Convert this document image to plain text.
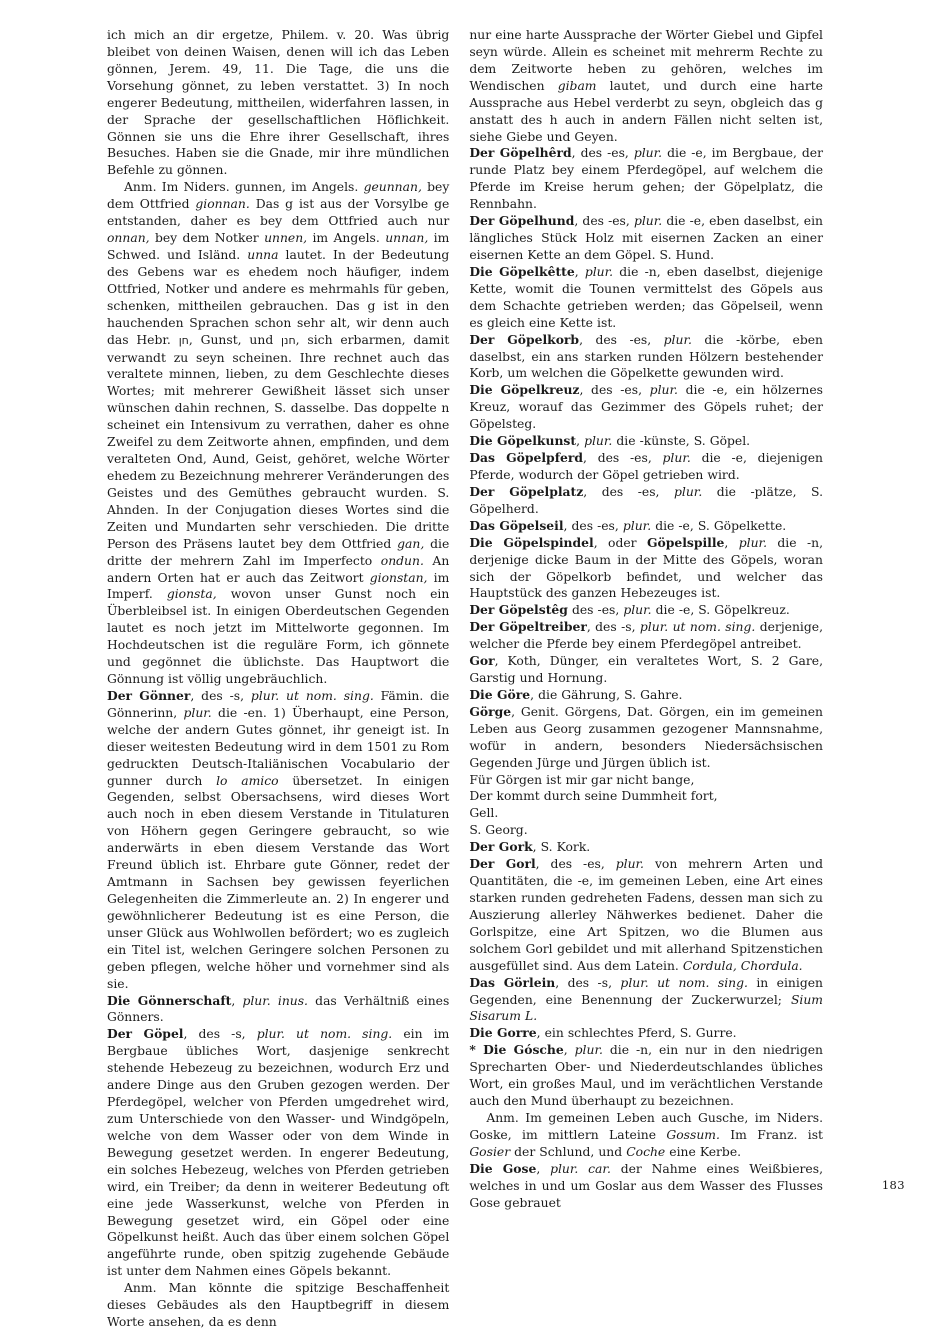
ich mich an dir ergetze, Philem. v. 20. Was übrig bleibet von deinen Waisen, denen will ich das Leben gönnen, Jerem. 49, 11. Die Tage, die uns die Vorsehung gönnet, zu leben verstattet. 3) In noch engerer Bedeutung, mittheilen, widerfahren lassen, in der Sprache der gesellschaftlichen Höflichkeit. Gönnen sie uns die Ehre ihrer Gesellschaft, ihres Besuches. Haben sie die Gnade, mir ihre mündlichen Befehle zu gönnen.

Anm. Im Niders. gunnen, im Angels. geunnan, bey dem Ottfried gionnan. Das g ist aus der Vorsylbe ge entstanden, daher es bey dem Ottfried auch nur onnan, bey dem Notker unnen, im Angels. unnan, im Schwed. und Isländ. unna lautet. In der Bedeutung des Gebens war es ehedem noch häufiger, indem Ottfried, Notker und andere es mehrmahls für geben, schenken, mittheilen gebrauchen. Das g ist in den hauchenden Sprachen schon sehr alt, wir denn auch das Hebr. חן, Gunst, und חנן, sich erbarmen, damit verwandt zu seyn scheinen. Ihre rechnet auch das veraltete minnen, lieben, zu dem Geschlechte dieses Wortes; mit mehrerer Gewißheit lässet sich unser wünschen dahin rechnen, S. dasselbe. Das doppelte n scheinet ein Intensivum zu verrathen, daher es ohne Zweifel zu dem Zeitworte ahnen, empfinden, und dem veralteten Ond, Aund, Geist, gehöret, welche Wörter ehedem zu Bezeichnung mehrerer Veränderungen des Geistes und des Gemüthes gebraucht wurden. S. Ahnden. In der Conjugation dieses Wortes sind die Zeiten und Mundarten sehr verschieden. Die dritte Person des Präsens lautet bey dem Ottfried gan, die dritte der mehrern Zahl im Imperfecto ondun. An andern Orten hat er auch das Zeitwort gionstan, im Imperf. gionsta, wovon unser Gunst noch ein Überbleibsel ist. In einigen Oberdeutschen Gegenden lautet es noch jetzt im Mittelworte gegonnen. Im Hochdeutschen ist die reguläre Form, ich gönnete und gegönnet die üblichste. Das Hauptwort die Gönnung ist völlig ungebräuchlich.

Der Gönner, des -s, plur. ut nom. sing. Fämin. die Gönnerinn, plur. die -en. 1) Überhaupt, eine Person, welche der andern Gutes gönnet, ihr geneigt ist. In dieser weitesten Bedeutung wird in dem 1501 zu Rom gedruckten Deutsch-Italiänischen Vocabulario der gunner durch lo amico übersetzet. In einigen Gegenden, selbst Obersachsens, wird dieses Wort auch noch in eben diesem Verstande in Titulaturen von Höhern gegen Geringere gebraucht, so wie anderwärts in eben diesem Verstande das Wort Freund üblich ist. Ehrbare gute Gönner, redet der Amtmann in Sachsen bey gewissen feyerlichen Gelegenheiten die Zimmerleute an. 2) In engerer und gewöhnlicherer Bedeutung ist es eine Person, die unser Glück aus Wohlwollen befördert; wo es zugleich ein Titel ist, welchen Geringere solchen Personen zu geben pflegen, welche höher und vornehmer sind als sie.

Die Gönnerschaft, plur. inus. das Verhältniß eines Gönners.

Der Göpel, des -s, plur. ut nom. sing. ein im Bergbaue übliches Wort, dasjenige senkrecht stehende Hebezeug zu bezeichnen, wodurch Erz und andere Dinge aus den Gruben gezogen werden. Der Pferdegöpel, welcher von Pferden umgedrehet wird, zum Unterschiede von den Wasser- und Windgöpeln, welche von dem Wasser oder von dem Winde in Bewegung gesetzet werden. In engerer Bedeutung, ein solches Hebezeug, welches von Pferden getrieben wird, ein Treiber; da denn in weiterer Bedeutung oft eine jede Wasserkunst, welche von Pferden in Bewegung gesetzet wird, ein Göpel oder eine Göpelkunst heißt. Auch das über einem solchen Göpel angeführte runde, oben spitzig zugehende Gebäude ist unter dem Nahmen eines Göpels bekannt.

Anm. Man könnte die spitzige Beschaffenheit dieses Gebäudes als den Hauptbegriff in diesem Worte ansehen, da es denn

nur eine harte Aussprache der Wörter Giebel und Gipfel seyn würde. Allein es scheinet mit mehrerm Rechte zu dem Zeitworte heben zu gehören, welches im Wendischen gibam lautet, und durch eine harte Aussprache aus Hebel verderbt zu seyn, obgleich das g anstatt des h auch in andern Fällen nicht selten ist, siehe Giebe und Geyen.

Der Göpelhêrd, des -es, plur. die -e, im Bergbaue, der runde Platz bey einem Pferdegöpel, auf welchem die Pferde im Kreise herum gehen; der Göpelplatz, die Rennbahn.

Der Göpelhund, des -es, plur. die -e, eben daselbst, ein längliches Stück Holz mit eisernen Zacken an einer eisernen Kette an dem Göpel. S. Hund.

Die Göpelkêtte, plur. die -n, eben daselbst, diejenige Kette, womit die Tounen vermittelst des Göpels aus dem Schachte getrieben werden; das Göpelseil, wenn es gleich eine Kette ist.

Der Göpelkorb, des -es, plur. die -körbe, eben daselbst, ein ans starken runden Hölzern bestehender Korb, um welchen die Göpelkette gewunden wird.

Die Göpelkreuz, des -es, plur. die -e, ein hölzernes Kreuz, worauf das Gezimmer des Göpels ruhet; der Göpelsteg.

Die Göpelkunst, plur. die -künste, S. Göpel.

Das Göpelpferd, des -es, plur. die -e, diejenigen Pferde, wodurch der Göpel getrieben wird.

Der Göpelplatz, des -es, plur. die -plätze, S. Göpelherd.

Das Göpelseil, des -es, plur. die -e, S. Göpelkette.

Die Göpelspindel, oder Göpelspille, plur. die -n, derjenige dicke Baum in der Mitte des Göpels, woran sich der Göpelkorb befindet, und welcher das Hauptstück des ganzen Hebezeuges ist.

Der Göpelstêg des -es, plur. die -e, S. Göpelkreuz.

Der Göpeltreiber, des -s, plur. ut nom. sing. derjenige, welcher die Pferde bey einem Pferdegöpel antreibet.

Gor, Koth, Dünger, ein veraltetes Wort, S. 2 Gare, Garstig und Hornung.

Die Göre, die Gährung, S. Gahre.

Görge, Genit. Görgens, Dat. Görgen, ein im gemeinen Leben aus Georg zusammen gezogener Mannsnahme, wofür in andern, besonders Niedersächsischen Gegenden Jürge und Jürgen üblich ist.

Für Görgen ist mir gar nicht bange,

Der kommt durch seine Dummheit fort,

Gell.

S. Georg.

Der Gork, S. Kork.

Der Gorl, des -es, plur. von mehrern Arten und Quantitäten, die -e, im gemeinen Leben, eine Art eines starken runden gedreheten Fadens, dessen man sich zu Auszierung allerley Nähwerkes bedienet. Daher die Gorlspitze, eine Art Spitzen, wo die Blumen aus solchem Gorl gebildet und mit allerhand Spitzenstichen ausgefüllet sind. Aus dem Latein. Cordula, Chordula.

Das Görlein, des -s, plur. ut nom. sing. in einigen Gegenden, eine Benennung der Zuckerwurzel; Sium Sisarum L.

Die Gorre, ein schlechtes Pferd, S. Gurre.

* Die Gósche, plur. die -n, ein nur in den niedrigen Sprecharten Ober- und Niederdeutschlandes übliches Wort, ein großes Maul, und im verächtlichen Verstande auch den Mund überhaupt zu bezeichnen.

Anm. Im gemeinen Leben auch Gusche, im Niders. Goske, im mittlern Lateine Gossum. Im Franz. ist Gosier der Schlund, und Coche eine Kerbe.

Die Gose, plur. car. der Nahme eines Weißbieres, welches in und um Goslar aus dem Wasser des Flusses Gose gebrauet

183
